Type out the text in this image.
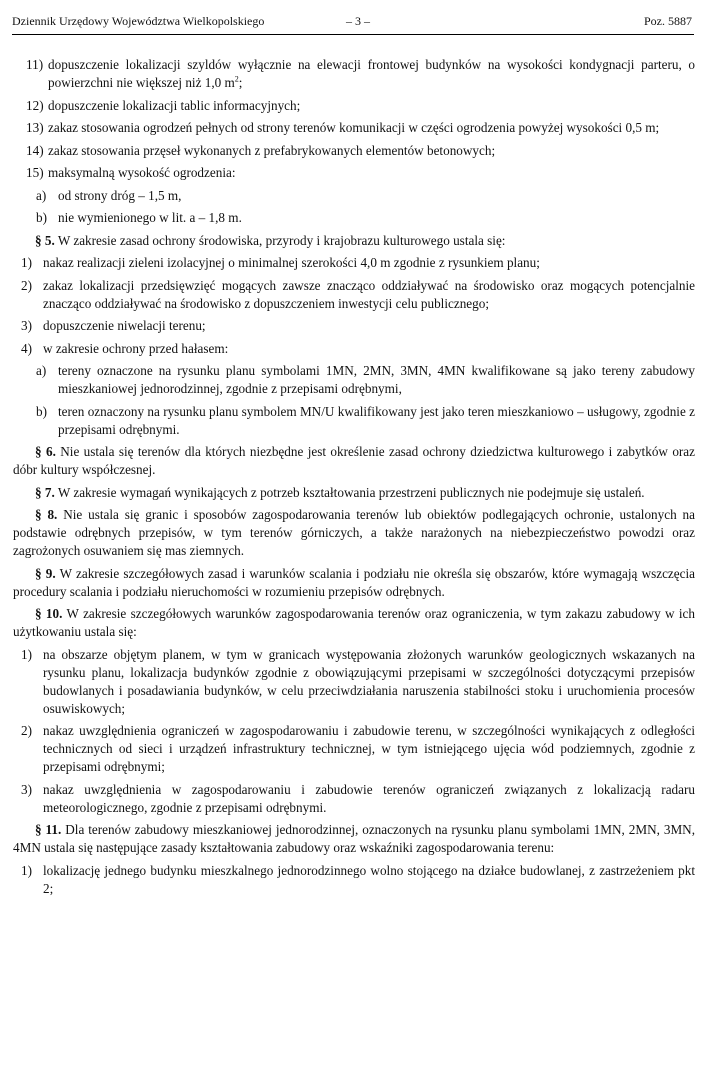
Dziennik Urzędowy Województwa Wielkopolskiego	– 3 –	Poz. 5887
11) dopuszczenie lokalizacji szyldów wyłącznie na elewacji frontowej budynków na wysokości kondygnacji parteru, o powierzchni nie większej niż 1,0 $m^2$;
12) dopuszczenie lokalizacji tablic informacyjnych;
13) zakaz stosowania ogrodzeń pełnych od strony terenów komunikacji w części ogrodzenia powyżej wysokości 0,5 m;
14) zakaz stosowania przęseł wykonanych z prefabrykowanych elementów betonowych;
15) maksymalną wysokość ogrodzenia:
a) od strony dróg – 1,5 m,
b) nie wymienionego w lit. a – 1,8 m.
§ 5. W zakresie zasad ochrony środowiska, przyrody i krajobrazu kulturowego ustala się:
1) nakaz realizacji zieleni izolacyjnej o minimalnej szerokości 4,0 m zgodnie z rysunkiem planu;
2) zakaz lokalizacji przedsięwzięć mogących zawsze znacząco oddziaływać na środowisko oraz mogących potencjalnie znacząco oddziaływać na środowisko z dopuszczeniem inwestycji celu publicznego;
3) dopuszczenie niwelacji terenu;
4) w zakresie ochrony przed hałasem:
a) tereny oznaczone na rysunku planu symbolami 1MN, 2MN, 3MN, 4MN kwalifikowane są jako tereny zabudowy mieszkaniowej jednorodzinnej, zgodnie z przepisami odrębnymi,
b) teren oznaczony na rysunku planu symbolem MN/U kwalifikowany jest jako teren mieszkaniowo – usługowy, zgodnie z przepisami odrębnymi.
§ 6. Nie ustala się terenów dla których niezbędne jest określenie zasad ochrony dziedzictwa kulturowego i zabytków oraz dóbr kultury współczesnej.
§ 7. W zakresie wymagań wynikających z potrzeb kształtowania przestrzeni publicznych nie podejmuje się ustaleń.
§ 8. Nie ustala się granic i sposobów zagospodarowania terenów lub obiektów podlegających ochronie, ustalonych na podstawie odrębnych przepisów, w tym terenów górniczych, a także narażonych na niebezpieczeństwo powodzi oraz zagrożonych osuwaniem się mas ziemnych.
§ 9. W zakresie szczegółowych zasad i warunków scalania i podziału nie określa się obszarów, które wymagają wszczęcia procedury scalania i podziału nieruchomości w rozumieniu przepisów odrębnych.
§ 10. W zakresie szczegółowych warunków zagospodarowania terenów oraz ograniczenia, w tym zakazu zabudowy w ich użytkowaniu ustala się:
1) na obszarze objętym planem, w tym w granicach występowania złożonych warunków geologicznych wskazanych na rysunku planu, lokalizacja budynków zgodnie z obowiązującymi przepisami w szczególności dotyczącymi przepisów budowlanych i posadawiania budynków, w celu przeciwdziałania naruszenia stabilności stoku i uruchomienia procesów osuwiskowych;
2) nakaz uwzględnienia ograniczeń w zagospodarowaniu i zabudowie terenu, w szczególności wynikających z odległości technicznych od sieci i urządzeń infrastruktury technicznej, w tym istniejącego ujęcia wód podziemnych, zgodnie z przepisami odrębnymi;
3) nakaz uwzględnienia w zagospodarowaniu i zabudowie terenów ograniczeń związanych z lokalizacją radaru meteorologicznego, zgodnie z przepisami odrębnymi.
§ 11. Dla terenów zabudowy mieszkaniowej jednorodzinnej, oznaczonych na rysunku planu symbolami 1MN, 2MN, 3MN, 4MN ustala się następujące zasady kształtowania zabudowy oraz wskaźniki zagospodarowania terenu:
1) lokalizację jednego budynku mieszkalnego jednorodzinnego wolno stojącego na działce budowlanej, z zastrzeżeniem pkt 2;
